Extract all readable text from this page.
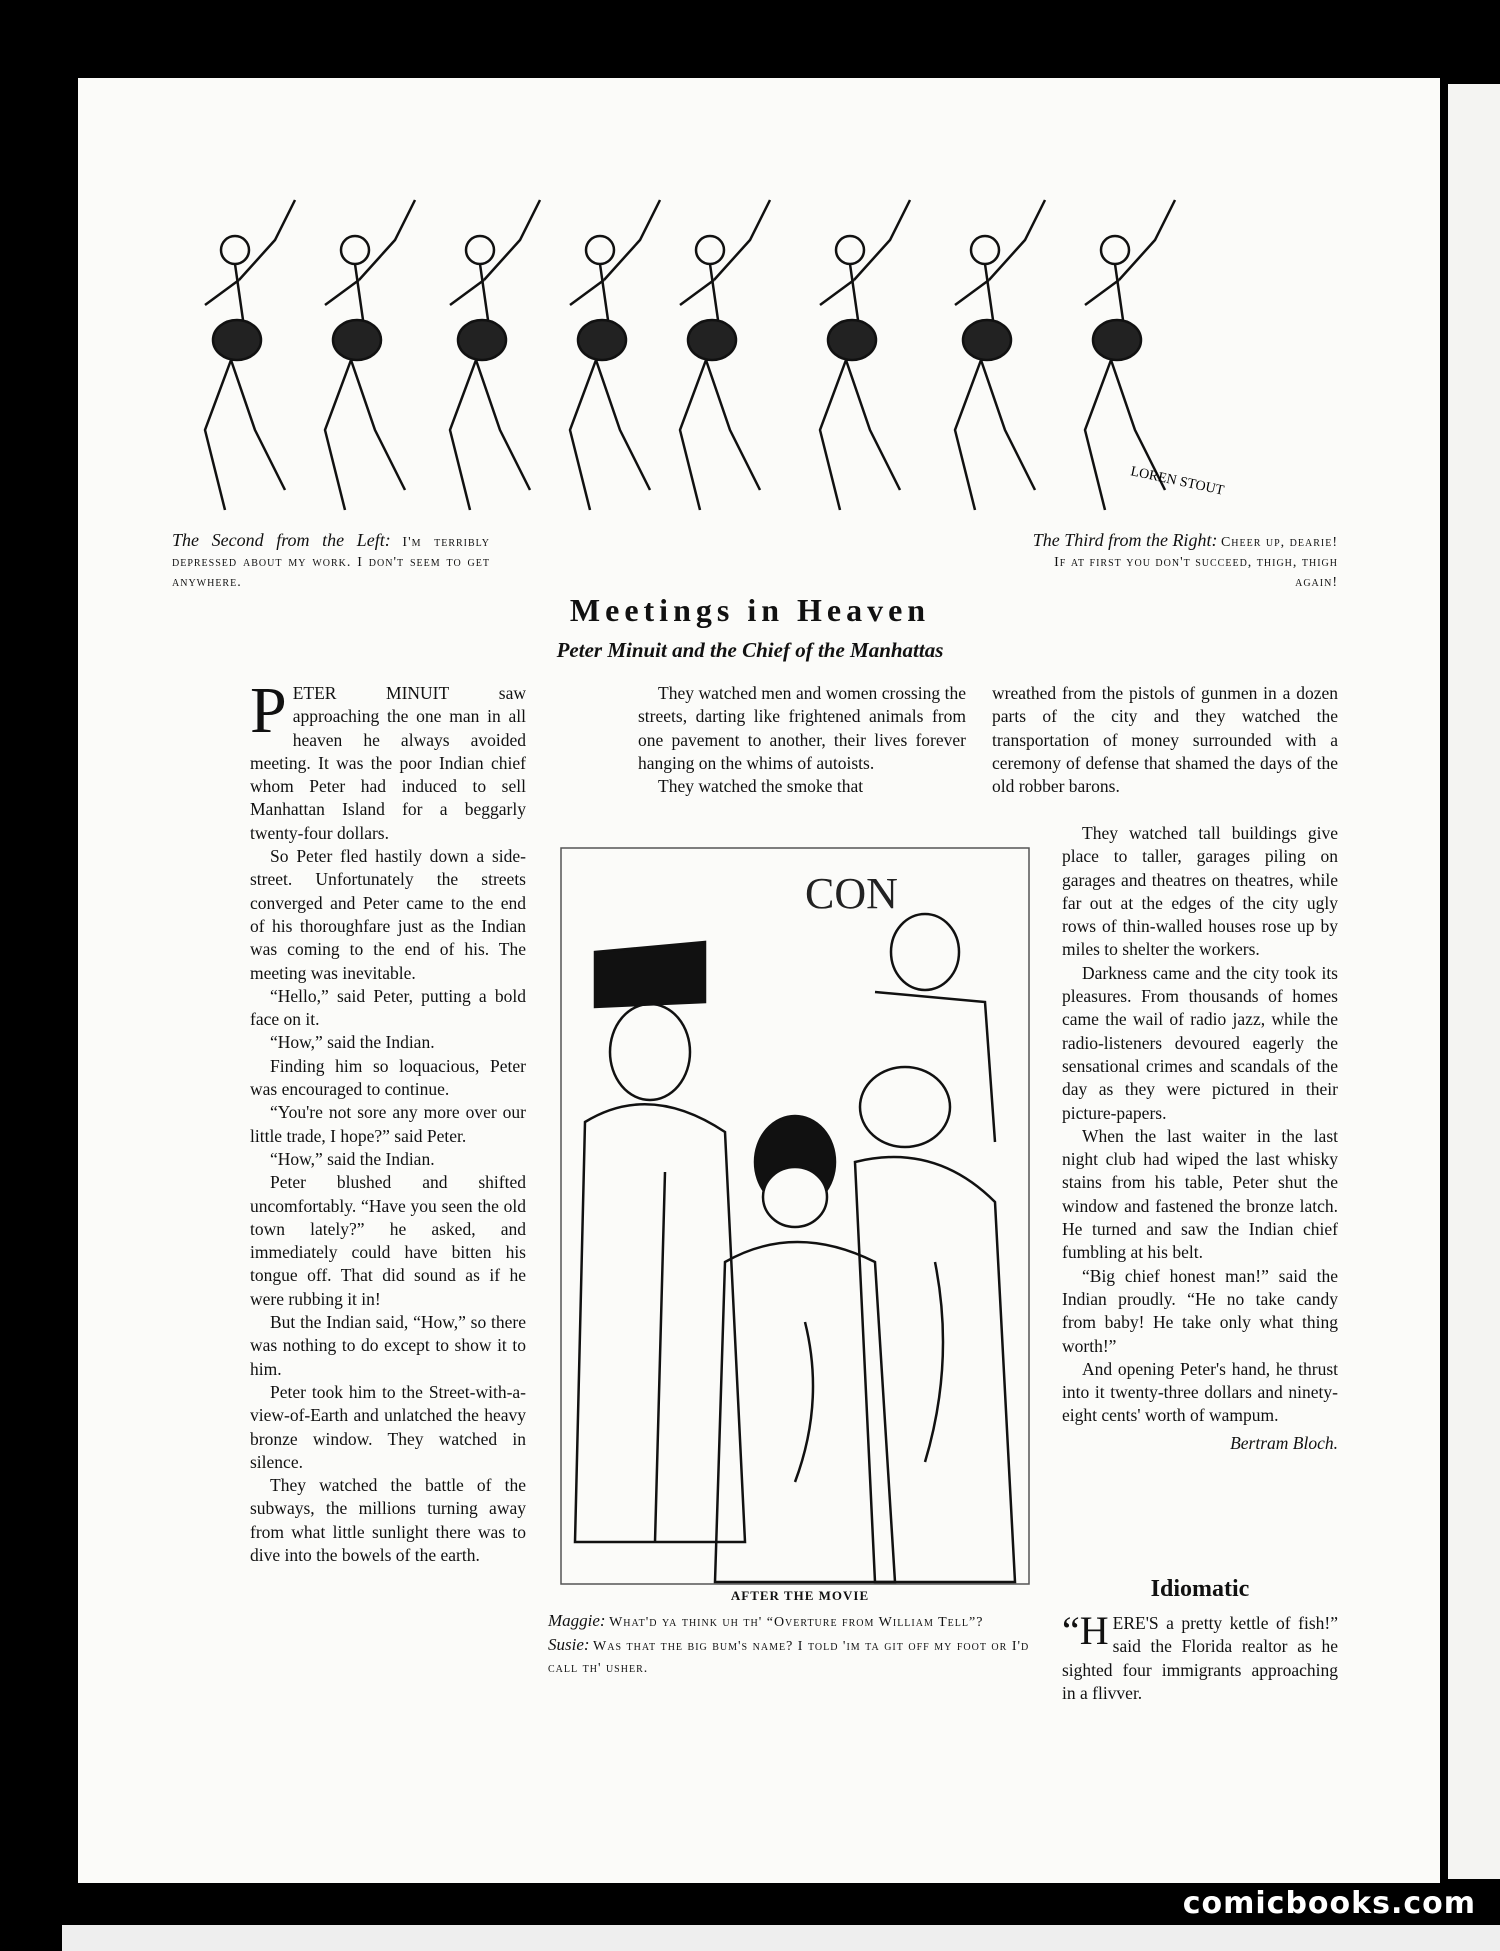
comicbooks.com
LOREN STOUT
The Second from the Left: I'm terribly depressed about my work. I don't seem to get anywhere.
The Third from the Right: Cheer up, dearie! If at first you don't succeed, thigh, thigh again!
Meetings in Heaven
Peter Minuit and the Chief of the Manhattas

PETER MINUIT saw approaching the one man in all heaven he always avoided meeting. It was the poor Indian chief whom Peter had induced to sell Manhattan Island for a beggarly twenty-four dollars.

So Peter fled hastily down a side-street. Unfortunately the streets converged and Peter came to the end of his thoroughfare just as the Indian was coming to the end of his. The meeting was inevitable.

“Hello,” said Peter, putting a bold face on it.

“How,” said the Indian.

Finding him so loquacious, Peter was encouraged to continue.

“You're not sore any more over our little trade, I hope?” said Peter.

“How,” said the Indian.

Peter blushed and shifted uncomfortably. “Have you seen the old town lately?” he asked, and immediately could have bitten his tongue off. That did sound as if he were rubbing it in!

But the Indian said, “How,” so there was nothing to do except to show it to him.

Peter took him to the Street-with-a-view-of-Earth and unlatched the heavy bronze window. They watched in silence.

They watched the battle of the subways, the millions turning away from what little sunlight there was to dive into the bowels of the earth.

They watched men and women crossing the streets, darting like frightened animals from one pavement to another, their lives forever hanging on the whims of autoists.

They watched the smoke that

wreathed from the pistols of gunmen in a dozen parts of the city and they watched the transportation of money surrounded with a ceremony of defense that shamed the days of the old robber barons.

They watched tall buildings give place to taller, garages piling on garages and theatres on theatres, while far out at the edges of the city ugly rows of thin-walled houses rose up by miles to shelter the workers.

Darkness came and the city took its pleasures. From thousands of homes came the wail of radio jazz, while the radio-listeners devoured eagerly the sensational crimes and scandals of the day as they were pictured in their picture-papers.

When the last waiter in the last night club had wiped the last whisky stains from his table, Peter shut the window and fastened the bronze latch. He turned and saw the Indian chief fumbling at his belt.

“Big chief honest man!” said the Indian proudly. “He no take candy from baby! He take only what thing worth!”

And opening Peter's hand, he thrust into it twenty-three dollars and ninety-eight cents' worth of wampum.

Bertram Bloch.

CON
AFTER THE MOVIE
Maggie: What'd ya think uh th' “Overture from William Tell”?
Susie: Was that the big bum's name? I told 'im ta git off my foot or I'd call th' usher.
Idiomatic

“HERE'S a pretty kettle of fish!” said the Florida realtor as he sighted four immigrants approaching in a flivver.
